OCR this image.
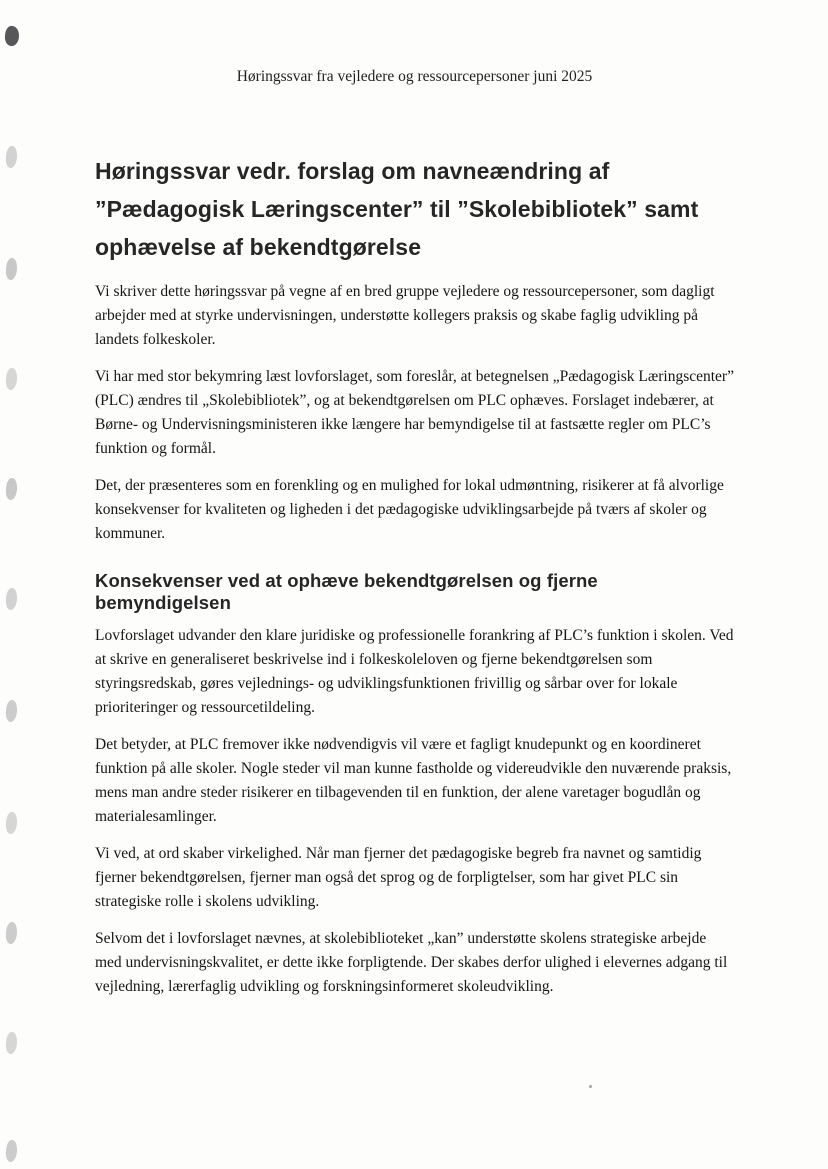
Høringssvar fra vejledere og ressourcepersoner juni 2025
Høringssvar vedr. forslag om navneændring af ”Pædagogisk Læringscenter” til ”Skolebibliotek” samt ophævelse af bekendtgørelse

Vi skriver dette høringssvar på vegne af en bred gruppe vejledere og ressourcepersoner, som dagligt arbejder med at styrke undervisningen, understøtte kollegers praksis og skabe faglig udvikling på landets folkeskoler.

Vi har med stor bekymring læst lovforslaget, som foreslår, at betegnelsen „Pædagogisk Læringscenter” (PLC) ændres til „Skolebibliotek”, og at bekendtgørelsen om PLC ophæves. Forslaget indebærer, at Børne- og Undervisningsministeren ikke længere har bemyndigelse til at fastsætte regler om PLC’s funktion og formål.

Det, der præsenteres som en forenkling og en mulighed for lokal udmøntning, risikerer at få alvorlige konsekvenser for kvaliteten og ligheden i det pædagogiske udviklingsarbejde på tværs af skoler og kommuner.

Konsekvenser ved at ophæve bekendtgørelsen og fjerne bemyndigelsen

Lovforslaget udvander den klare juridiske og professionelle forankring af PLC’s funktion i skolen. Ved at skrive en generaliseret beskrivelse ind i folkeskoleloven og fjerne bekendtgørelsen som styringsredskab, gøres vejlednings- og udviklingsfunktionen frivillig og sårbar over for lokale prioriteringer og ressourcetildeling.

Det betyder, at PLC fremover ikke nødvendigvis vil være et fagligt knudepunkt og en koordineret funktion på alle skoler. Nogle steder vil man kunne fastholde og videreudvikle den nuværende praksis, mens man andre steder risikerer en tilbagevenden til en funktion, der alene varetager bogudlån og materialesamlinger.

Vi ved, at ord skaber virkelighed. Når man fjerner det pædagogiske begreb fra navnet og samtidig fjerner bekendtgørelsen, fjerner man også det sprog og de forpligtelser, som har givet PLC sin strategiske rolle i skolens udvikling.

Selvom det i lovforslaget nævnes, at skolebiblioteket „kan” understøtte skolens strategiske arbejde med undervisningskvalitet, er dette ikke forpligtende. Der skabes derfor ulighed i elevernes adgang til vejledning, lærerfaglig udvikling og forskningsinformeret skoleudvikling.
